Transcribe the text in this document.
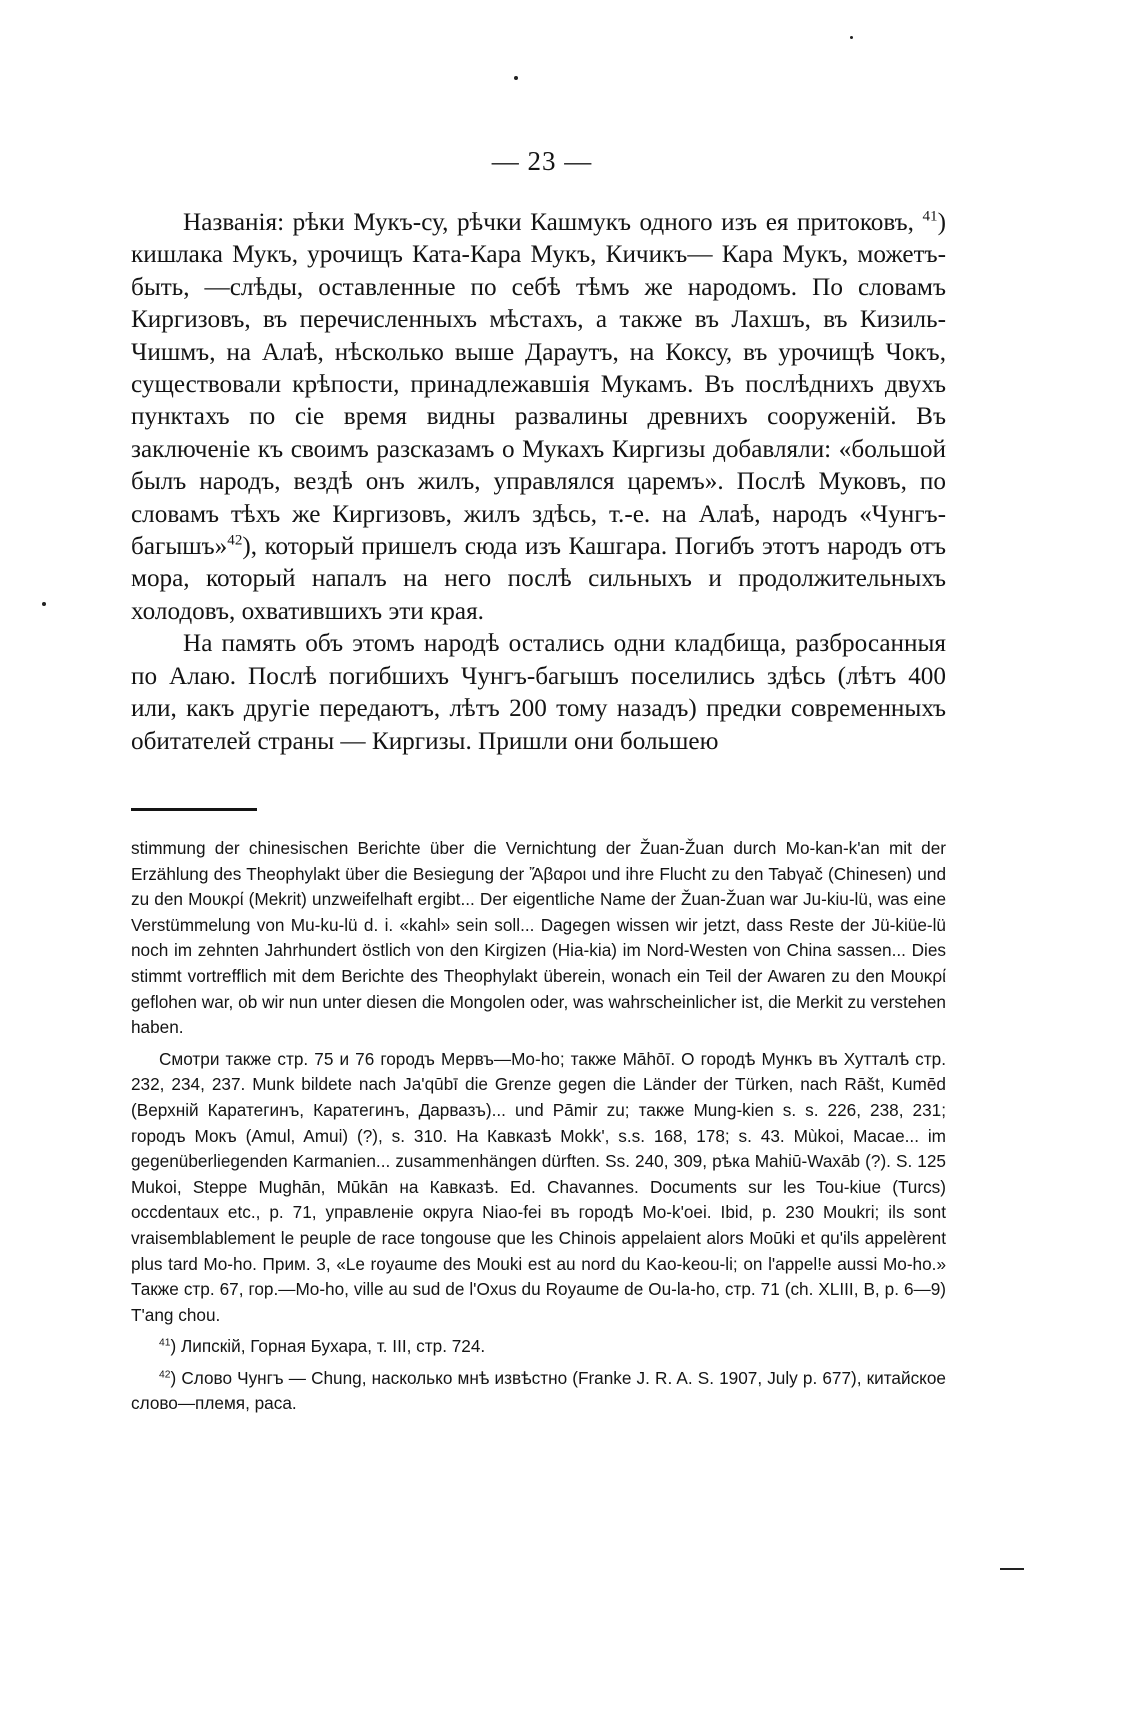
— 23 —

Названія: рѣки Мукъ-су, рѣчки Кашмукъ одного изъ ея притоковъ, $^{41}$) кишлака Мукъ, урочищъ Ката-Кара Мукъ, Кичикъ— Кара Мукъ, можетъ-быть, —слѣды, оставленные по себѣ тѣмъ же народомъ. По словамъ Киргизовъ, въ перечисленныхъ мѣстахъ, а также въ Лахшъ, въ Кизиль-Чишмъ, на Алаѣ, нѣсколько выше Дараутъ, на Коксу, въ урочищѣ Чокъ, существовали крѣпости, принадлежавшія Мукамъ. Въ послѣднихъ двухъ пунктахъ по сіе время видны развалины древнихъ сооруженій. Въ заключеніе къ своимъ разсказамъ о Мукахъ Киргизы добавляли: «большой былъ народъ, вездѣ онъ жилъ, управлялся царемъ». Послѣ Муковъ, по словамъ тѣхъ же Киргизовъ, жилъ здѣсь, т.-е. на Алаѣ, народъ «Чунгъ-багышъ»$^{42}$), который пришелъ сюда изъ Кашгара. Погибъ этотъ народъ отъ мора, который напалъ на него послѣ сильныхъ и продолжительныхъ холодовъ, охватившихъ эти края.

На память объ этомъ народѣ остались одни кладбища, разбросанныя по Алаю. Послѣ погибшихъ Чунгъ-багышъ поселились здѣсь (лѣтъ 400 или, какъ другіе передаютъ, лѣтъ 200 тому назадъ) предки современныхъ обитателей страны — Киргизы. Пришли они большею

stimmung der chinesischen Berichte über die Vernichtung der Žuan-Žuan durch Mo-kan-k'an mit der Erzählung des Theophylakt über die Besiegung der Ἄβαροι und ihre Flucht zu den Tabγač (Chinesen) und zu den Μουκρί (Mekrit) unzweifelhaft ergibt... Der eigentliche Name der Žuan-Žuan war Ju-kiu-lü, was eine Verstümmelung von Mu-ku-lü d. i. «kahl» sein soll... Dagegen wissen wir jetzt, dass Reste der Jü-kiüe-lü noch im zehnten Jahrhundert östlich von den Kirgizen (Hia-kia) im Nord-Westen von China sassen... Dies stimmt vortrefflich mit dem Berichte des Theophylakt überein, wonach ein Teil der Awaren zu den Μουκρί geflohen war, ob wir nun unter diesen die Mongolen oder, was wahrscheinlicher ist, die Merkit zu verstehen haben.

Смотри также стр. 75 и 76 городъ Мервъ—Mo-ho; также Māhōī. О городѣ Мункъ въ Хутталѣ стр. 232, 234, 237. Munk bildete nach Ja'qūbī die Grenze gegen die Länder der Türken, nach Rāšt, Kumēd (Верхній Каратегинъ, Каратегинъ, Дарвазъ)... und Pāmir zu; также Mung-kien s. s. 226, 238, 231; городъ Мокъ (Amul, Amui) (?), s. 310. На Кавказѣ Mokk', s.s. 168, 178; s. 43. Mùkoi, Macae... im gegenüberliegenden Karmanien... zusammenhängen dürften. Ss. 240, 309, рѣка Mahiū-Waxāb (?). S. 125 Mukoi, Steppe Mughān, Mūkān на Кавказѣ. Ed. Chavannes. Documents sur les Tou-kiue (Turcs) occdentaux etc., p. 71, управленіе округа Niao-fei въ городѣ Mo-k'oei. Ibid, p. 230 Moukri; ils sont vraisemblablement le peuple de race tongouse que les Chinois appelaient alors Moūki et qu'ils appelèrent plus tard Mo-ho. Прим. 3, «Le royaume des Mouki est au nord du Kao-keou-li; on l'appel!e aussi Mo-ho.» Также стр. 67, гор.—Mo-ho, ville au sud de l'Oxus du Royaume de Ou-la-ho, стр. 71 (ch. XLIII, B, p. 6—9) T'ang chou.

$^{41}$) Липскій, Горная Бухара, т. III, стр. 724.

$^{42}$) Слово Чунгъ — Chung, насколько мнѣ извѣстно (Franke J. R. A. S. 1907, July p. 677), китайское слово—племя, раса.
